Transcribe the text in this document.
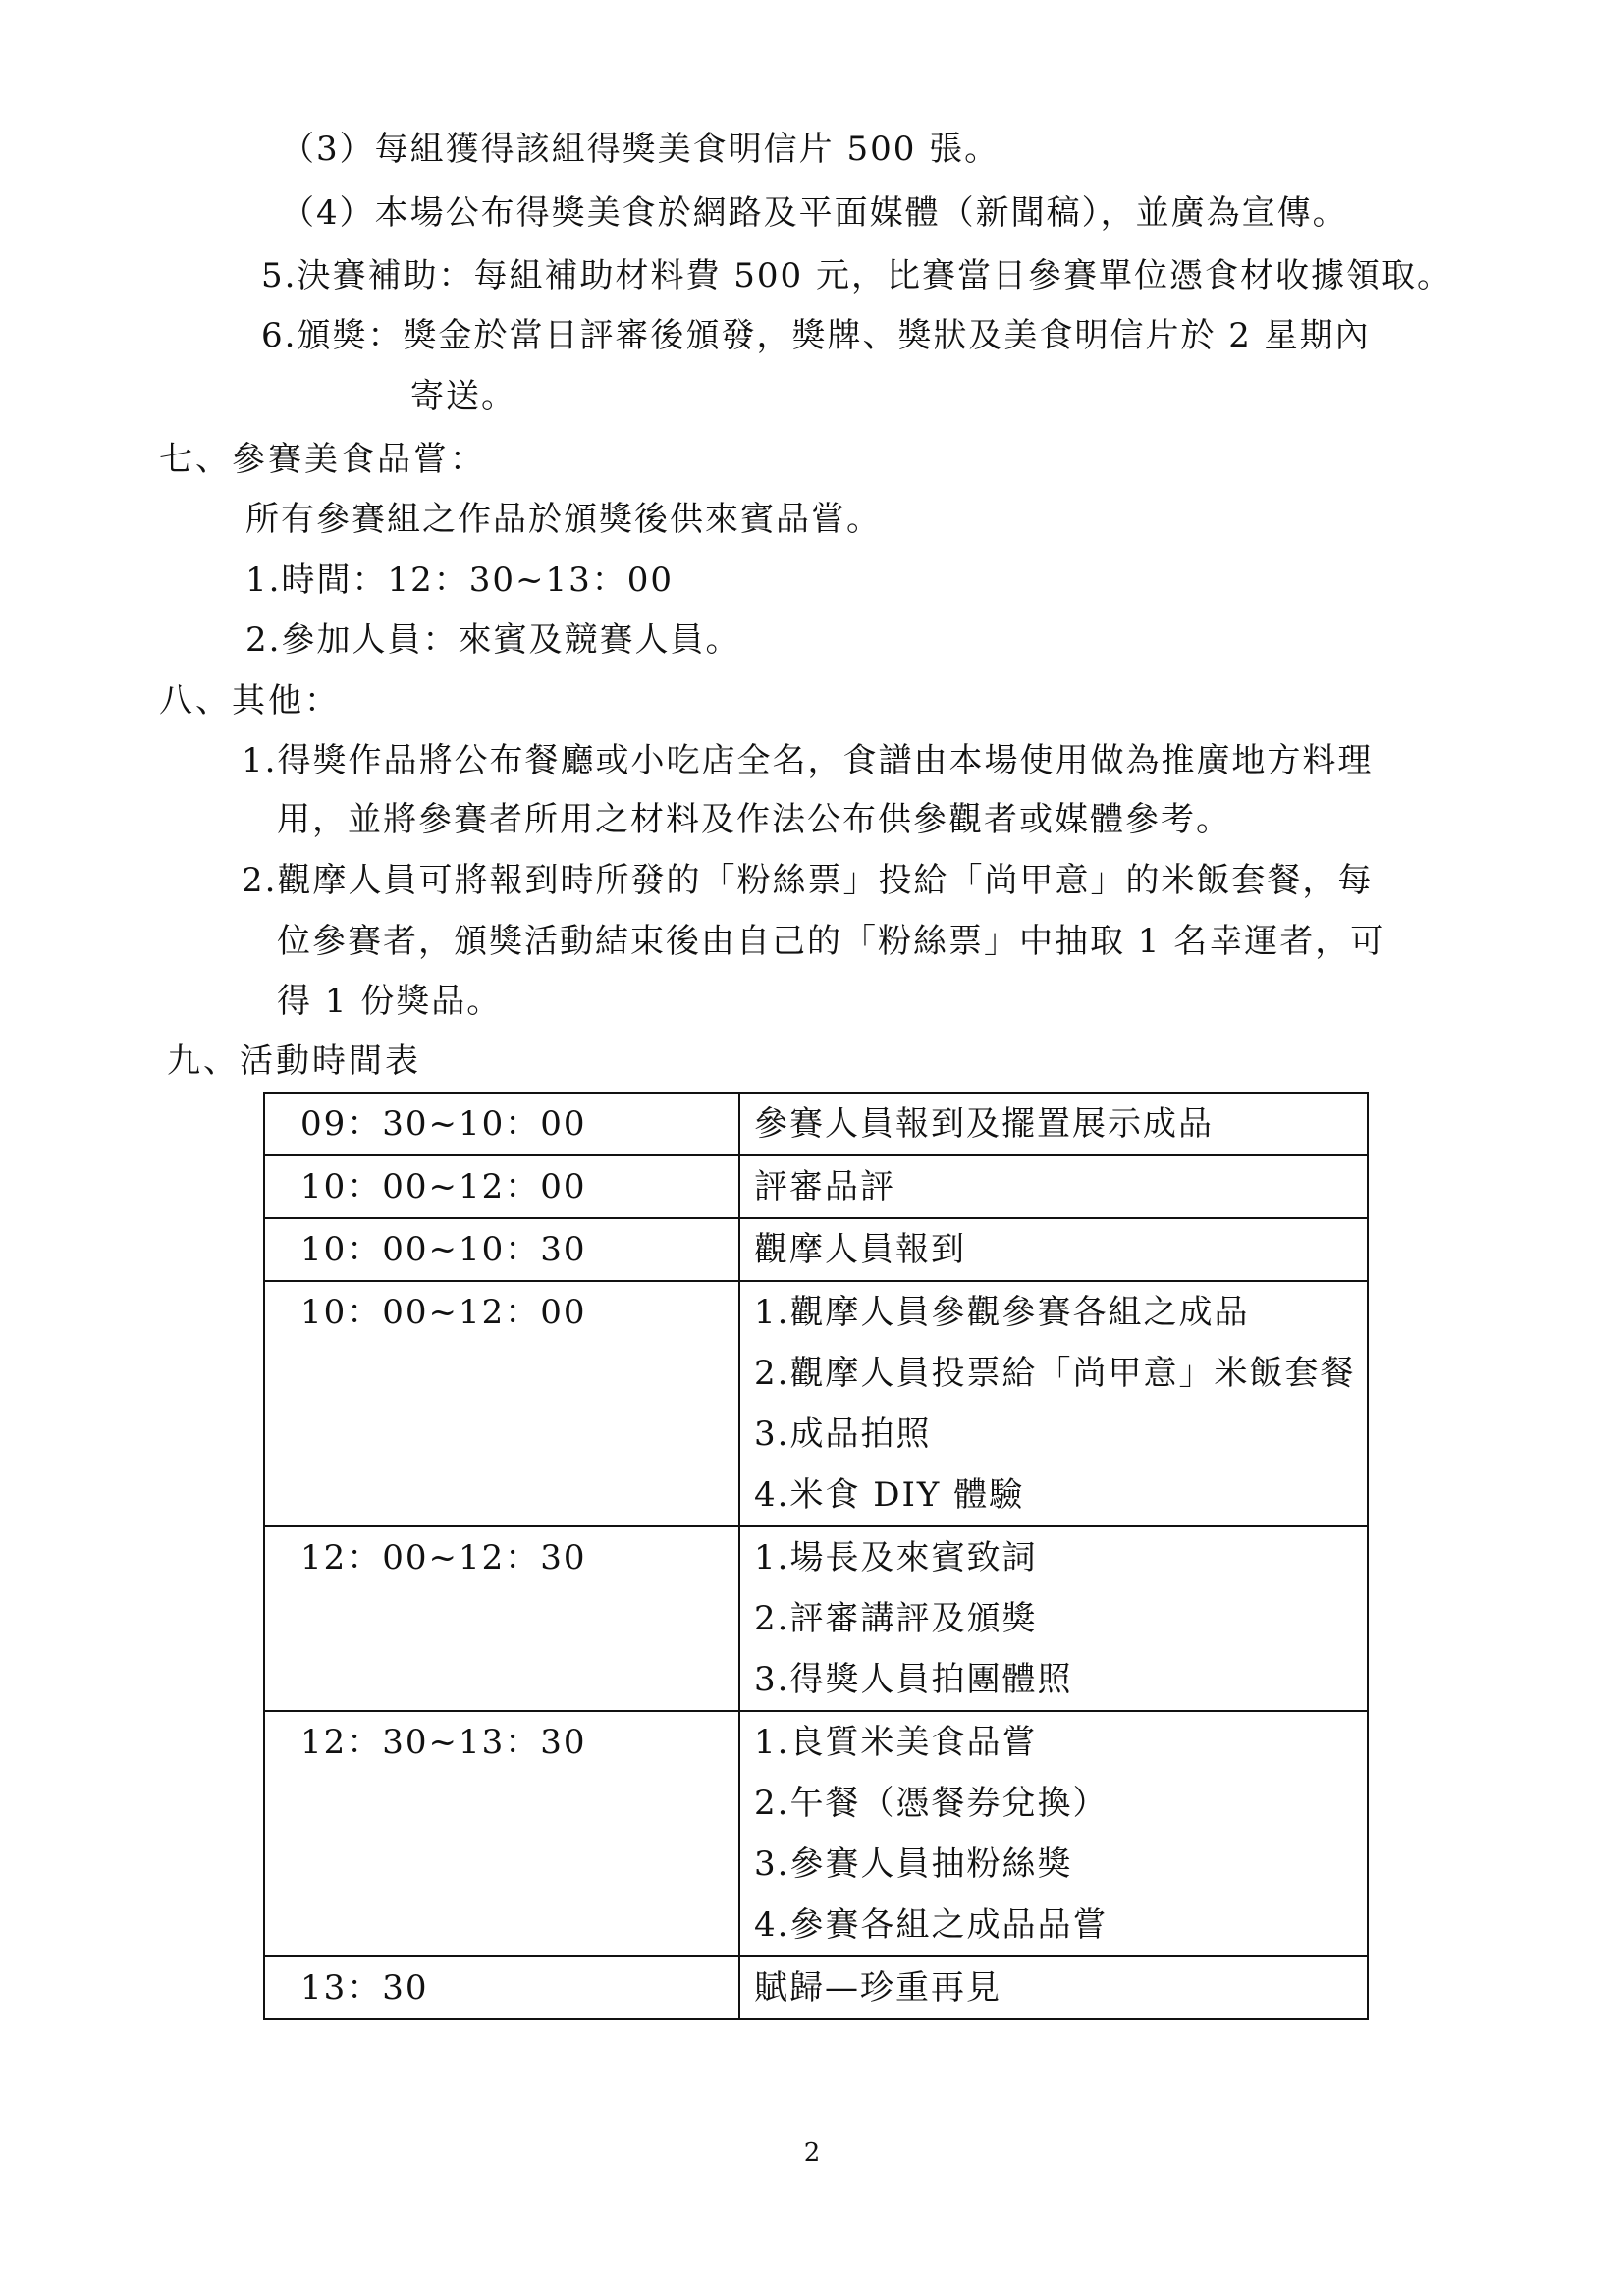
（3）每組獲得該組得獎美食明信片 500 張。
（4）本場公布得獎美食於網路及平面媒體（新聞稿），並廣為宣傳。
5.決賽補助：每組補助材料費 500 元，比賽當日參賽單位憑食材收據領取。
6.頒獎：獎金於當日評審後頒發，獎牌、獎狀及美食明信片於 2 星期內
寄送。
七、參賽美食品嘗：
所有參賽組之作品於頒獎後供來賓品嘗。
1.時間：12：30~13：00
2.參加人員：來賓及競賽人員。
八、其他：
1.得獎作品將公布餐廳或小吃店全名，食譜由本場使用做為推廣地方料理
用，並將參賽者所用之材料及作法公布供參觀者或媒體參考。
2.觀摩人員可將報到時所發的「粉絲票」投給「尚甲意」的米飯套餐，每
位參賽者，頒獎活動結束後由自己的「粉絲票」中抽取 1 名幸運者，可
得 1 份獎品。
九、活動時間表
09：30~10：00	參賽人員報到及擺置展示成品

10：00~12：00	評審品評

10：00~10：30	觀摩人員報到

10：00~12：00	1.觀摩人員參觀參賽各組之成品
2.觀摩人員投票給「尚甲意」米飯套餐
3.成品拍照
4.米食 DIY 體驗

12：00~12：30	1.場長及來賓致詞
2.評審講評及頒獎
3.得獎人員拍團體照

12：30~13：30	1.良質米美食品嘗
2.午餐（憑餐券兌換）
3.參賽人員抽粉絲獎
4.參賽各組之成品品嘗

13：30	賦歸—珍重再見
2
